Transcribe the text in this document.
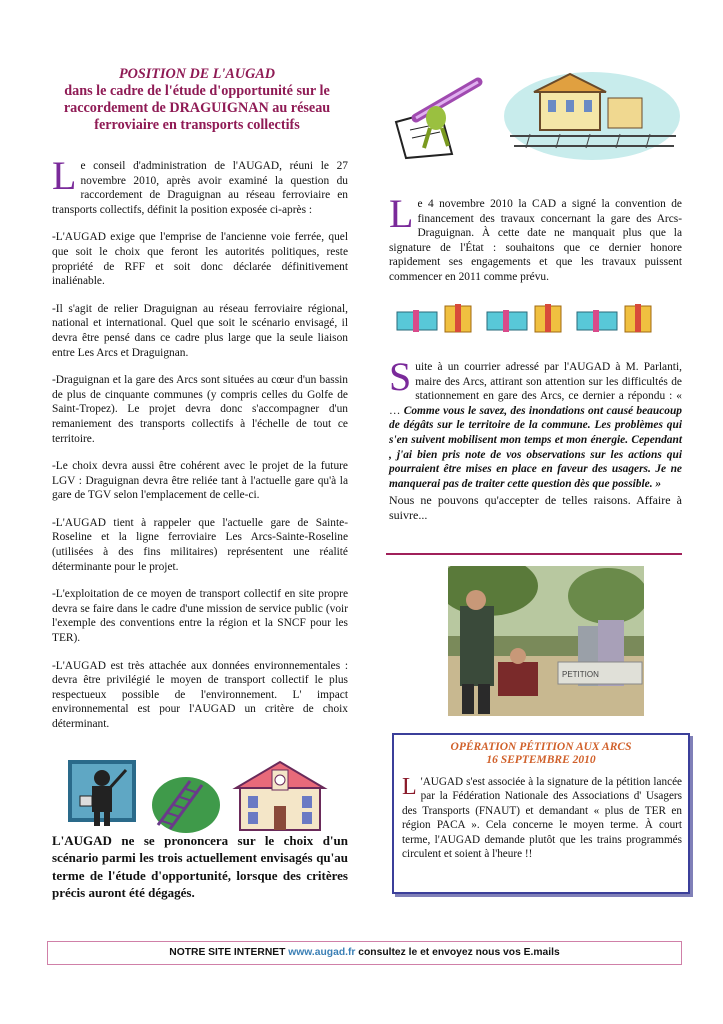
POSITION DE L'AUGAD
dans le cadre de l'étude d'opportunité sur le raccordement de DRAGUIGNAN au réseau ferroviaire en transports collectifs
L e conseil d'administration de l'AUGAD, réuni le 27 novembre 2010, après avoir examiné la question du raccordement de Draguignan au réseau ferroviaire en transports collectifs, définit la position exposée ci-après :
-L'AUGAD exige que l'emprise de l'ancienne voie ferrée, quel que soit le choix que feront les autorités politiques, reste propriété de RFF et soit donc déclarée définitivement inaliénable.
-Il s'agit de relier Draguignan au réseau ferroviaire régional, national et international. Quel que soit le scénario envisagé, il devra être pensé dans ce cadre plus large que la seule liaison entre Les Arcs et Draguignan.
-Draguignan et la gare des Arcs sont situées au cœur d'un bassin de plus de cinquante communes (y compris celles du Golfe de Saint-Tropez). Le projet devra donc s'accompagner d'un remaniement des transports collectifs à l'échelle de tout ce territoire.
-Le choix devra aussi être cohérent avec le projet de la future LGV : Draguignan devra être reliée tant à l'actuelle gare qu'à la gare de TGV selon l'emplacement de celle-ci.
-L'AUGAD tient à rappeler que l'actuelle gare de Sainte-Roseline et la ligne ferroviaire Les Arcs-Sainte-Roseline (utilisées à des fins militaires) représentent une réalité déterminante pour le projet.
-L'exploitation de ce moyen de transport collectif en site propre devra se faire dans le cadre d'une mission de service public (voir l'exemple des conventions entre la région et la SNCF pour les TER).
-L'AUGAD est très attachée aux données environnementales : devra être privilégié le moyen de transport collectif le plus respectueux possible de l'environnement. L' impact environnemental est pour l'AUGAD un critère de choix déterminant.
L'AUGAD ne se prononcera sur le choix d'un scénario parmi les trois actuellement envisagés qu'au terme de l'étude d'opportunité, lorsque des critères précis auront été dégagés.
L e 4 novembre 2010 la CAD a signé la convention de financement des travaux concernant la gare des Arcs-Draguignan. À cette date ne manquait plus que la signature de l'État : souhaitons que ce dernier honore rapidement ses engagements et que les travaux puissent commencer en 2011 comme prévu.
S uite à un courrier adressé par l'AUGAD à M. Parlanti, maire des Arcs, attirant son attention sur les difficultés de stationnement en gare des Arcs, ce dernier a répondu : « … Comme vous le savez, des inondations ont causé beaucoup de dégâts sur le territoire de la commune. Les problèmes qui s'en suivent mobilisent mon temps et mon énergie. Cependant , j'ai bien pris note de vos observations sur les actions qui pourraient être mises en place en faveur des usagers. Je ne manquerai pas de traiter cette question dès que possible. »
Nous ne pouvons qu'accepter de telles raisons. Affaire à suivre...
PETITION
OPÉRATION PÉTITION AUX ARCS
16 SEPTEMBRE 2010
L 'AUGAD s'est associée à la signature de la pétition lancée par la Fédération Nationale des Associations d' Usagers des Transports (FNAUT) et demandant « plus de TER en région PACA ». Cela concerne le moyen terme. À court terme, l'AUGAD demande plutôt que les trains programmés circulent et soient à l'heure !!
NOTRE SITE INTERNET www.augad.fr consultez le et envoyez nous vos E.mails
